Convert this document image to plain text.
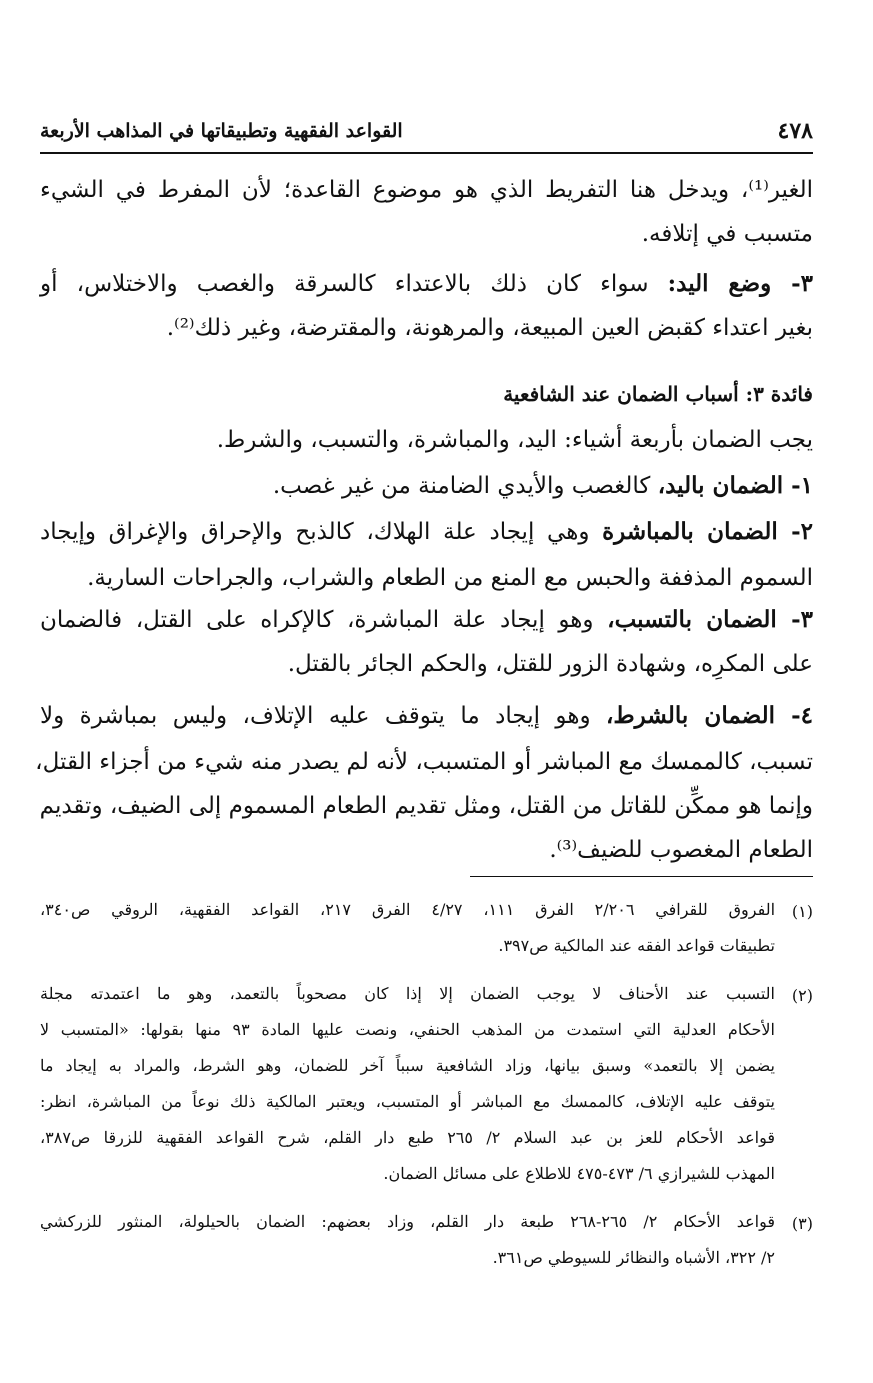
القواعد الفقهية وتطبيقاتها في المذاهب الأربعة	٤٧٨
الغير⁽¹⁾، ويدخل هنا التفريط الذي هو موضوع القاعدة؛ لأن المفرط في الشيء
متسبب في إتلافه.
٣- وضع اليد: سواء كان ذلك بالاعتداء كالسرقة والغصب والاختلاس، أو
بغير اعتداء كقبض العين المبيعة، والمرهونة، والمقترضة، وغير ذلك⁽²⁾.
فائدة ٣: أسباب الضمان عند الشافعية
يجب الضمان بأربعة أشياء: اليد، والمباشرة، والتسبب، والشرط.
١- الضمان باليد، كالغصب والأيدي الضامنة من غير غصب.
٢- الضمان بالمباشرة وهي إيجاد علة الهلاك، كالذبح والإحراق والإغراق وإيجاد
السموم المذففة والحبس مع المنع من الطعام والشراب، والجراحات السارية.
٣- الضمان بالتسبب، وهو إيجاد علة المباشرة، كالإكراه على القتل، فالضمان
على المكرِه، وشهادة الزور للقتل، والحكم الجائر بالقتل.
٤- الضمان بالشرط، وهو إيجاد ما يتوقف عليه الإتلاف، وليس بمباشرة ولا
تسبب، كالممسك مع المباشر أو المتسبب، لأنه لم يصدر منه شيء من أجزاء القتل،
وإنما هو ممكِّن للقاتل من القتل، ومثل تقديم الطعام المسموم إلى الضيف، وتقديم
الطعام المغصوب للضيف⁽³⁾.
(١)
الفروق للقرافي ٢/٢٠٦ الفرق ١١١، ٤/٢٧ الفرق ٢١٧، القواعد الفقهية، الروقي ص٣٤٠،
تطبيقات قواعد الفقه عند المالكية ص٣٩٧.
(٢)
التسبب عند الأحناف لا يوجب الضمان إلا إذا كان مصحوباً بالتعمد، وهو ما اعتمدته مجلة
الأحكام العدلية التي استمدت من المذهب الحنفي، ونصت عليها المادة ٩٣ منها بقولها: «المتسبب لا
يضمن إلا بالتعمد» وسبق بيانها، وزاد الشافعية سبباً آخر للضمان، وهو الشرط، والمراد به إيجاد ما
يتوقف عليه الإتلاف، كالممسك مع المباشر أو المتسبب، ويعتبر المالكية ذلك نوعاً من المباشرة، انظر:
قواعد الأحكام للعز بن عبد السلام ٢/ ٢٦٥ طبع دار القلم، شرح القواعد الفقهية للزرقا ص٣٨٧،
المهذب للشيرازي ٦/ ٤٧٣-٤٧٥ للاطلاع على مسائل الضمان.
(٣)
قواعد الأحكام ٢/ ٢٦٥-٢٦٨ طبعة دار القلم، وزاد بعضهم: الضمان بالحيلولة، المنثور للزركشي
٢/ ٣٢٢، الأشباه والنظائر للسيوطي ص٣٦١.
